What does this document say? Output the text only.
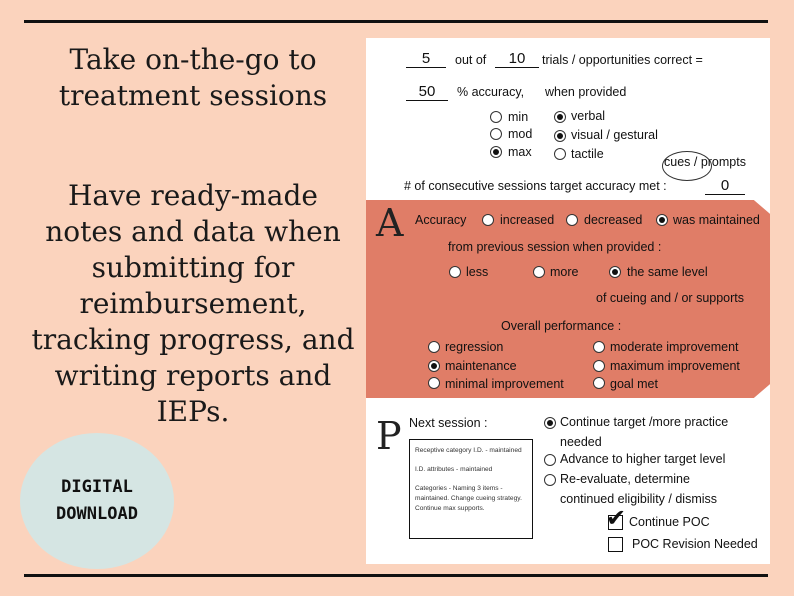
Take on-the-go to
treatment sessions
Have ready-made
notes and data when
submitting for
reimbursement,
tracking progress, and
writing reports and
IEPs.
DIGITAL
DOWNLOAD
5	out of	10	trials / opportunities correct =
50	% accuracy, when provided
min
mod
max
verbal
visual / gestural
tactile
cues / prompts
# of consecutive sessions target accuracy met :	0
A Accuracy	increased decreased was maintained
from previous session when provided :
less	more	the same level
of cueing and / or supports
Overall performance :
regression
maintenance
minimal improvement
moderate improvement
maximum improvement
goal met
P Next session :

Receptive category I.D. - maintained

I.D. attributes - maintained

Categories - Naming 3 items - maintained. Change cueing strategy. Continue max supports.

Continue target /more practice
needed
Advance to higher target level
Re-evaluate, determine
continued eligibility / dismiss
✔ Continue POC
POC Revision Needed
